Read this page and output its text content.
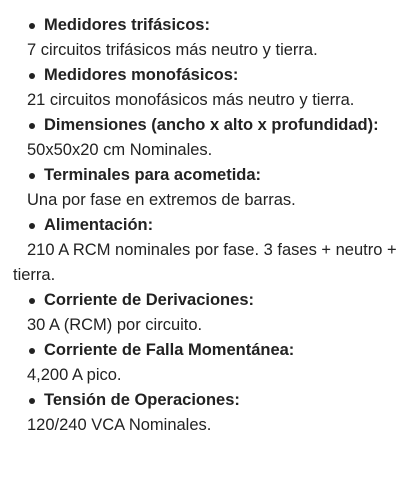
Medidores trifásicos:
7 circuitos trifásicos más neutro y tierra.
Medidores monofásicos:
21 circuitos monofásicos más neutro y tierra.
Dimensiones (ancho x alto x profundidad):
50x50x20 cm Nominales.
Terminales para acometida:
Una por fase en extremos de barras.
Alimentación:
210 A RCM nominales por fase. 3 fases + neutro + tierra.
Corriente de Derivaciones:
30 A (RCM) por circuito.
Corriente de Falla Momentánea:
4,200 A pico.
Tensión de Operaciones:
120/240 VCA Nominales.
